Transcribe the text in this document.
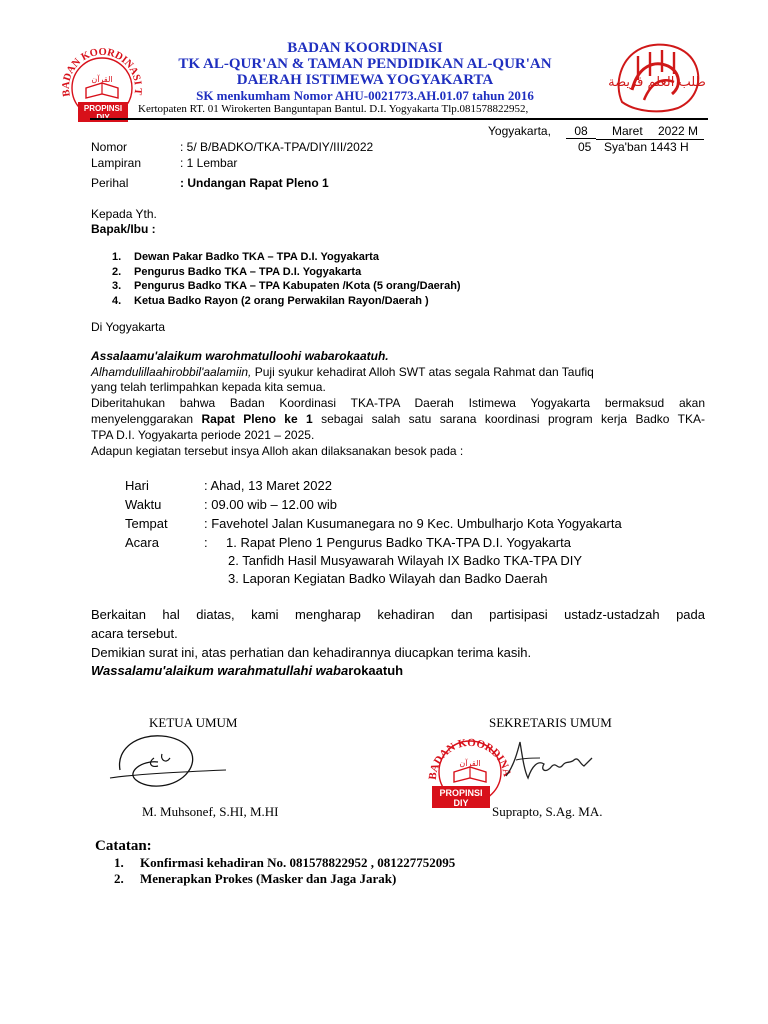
BADAN KOORDINASI T
القرآن
PROPINSI
DIY
BADAN KOORDINASI
TK AL-QUR'AN & TAMAN PENDIDIKAN AL-QUR'AN
DAERAH ISTIMEWA YOGYAKARTA
SK menkumham Nomor AHU-0021773.AH.01.07 tahun 2016
Kertopaten RT. 01 Wirokerten Banguntapan Bantul. D.I. Yogyakarta Tlp.081578822952,
طلب العلم فريضة
Yogyakarta,	08	Maret 2022 M
05 Sya'ban 1443 H
Nomor	: 5/ B/BADKO/TKA-TPA/DIY/III/2022
Lampiran	: 1 Lembar
Perihal	: Undangan Rapat Pleno 1
Kepada Yth.
Bapak/Ibu :
1. Dewan Pakar Badko TKA – TPA D.I. Yogyakarta
2. Pengurus Badko TKA – TPA D.I. Yogyakarta
3. Pengurus Badko TKA – TPA Kabupaten /Kota (5 orang/Daerah)
4. Ketua Badko Rayon (2 orang Perwakilan Rayon/Daerah )
Di Yogyakarta
Assalaamu'alaikum warohmatulloohi wabarokaatuh.
Alhamdulillaahirobbil'aalamiin, Puji syukur kehadirat Alloh SWT atas segala Rahmat dan Taufiq
yang telah terlimpahkan kepada kita semua.
Diberitahukan bahwa Badan Koordinasi TKA-TPA Daerah Istimewa Yogyakarta bermaksud akan
menyelenggarakan Rapat Pleno ke 1 sebagai salah satu sarana koordinasi program kerja Badko TKA-
TPA D.I. Yogyakarta periode 2021 – 2025.
Adapun kegiatan tersebut insya Alloh akan dilaksanakan besok pada :
Hari	: Ahad, 13 Maret 2022
Waktu	: 09.00 wib – 12.00 wib
Tempat	: Favehotel Jalan Kusumanegara no 9 Kec. Umbulharjo Kota Yogyakarta
Acara	: 1. Rapat Pleno 1 Pengurus Badko TKA-TPA D.I. Yogyakarta
2. Tanfidh Hasil Musyawarah Wilayah IX Badko TKA-TPA DIY
3. Laporan Kegiatan Badko Wilayah dan Badko Daerah
Berkaitan hal diatas, kami mengharap kehadiran dan partisipasi ustadz-ustadzah pada
acara tersebut.
Demikian surat ini, atas perhatian dan kehadirannya diucapkan terima kasih.
Wassalamu'alaikum warahmatullahi wabarokaatuh
KETUA UMUM
M. Muhsonef, S.HI, M.HI
SEKRETARIS UMUM
BADAN KOORDINA
القرآن
PROPINSI
DIY
Suprapto, S.Ag. MA.
Catatan:
1. Konfirmasi kehadiran No. 081578822952 , 081227752095
2. Menerapkan Prokes (Masker dan Jaga Jarak)
